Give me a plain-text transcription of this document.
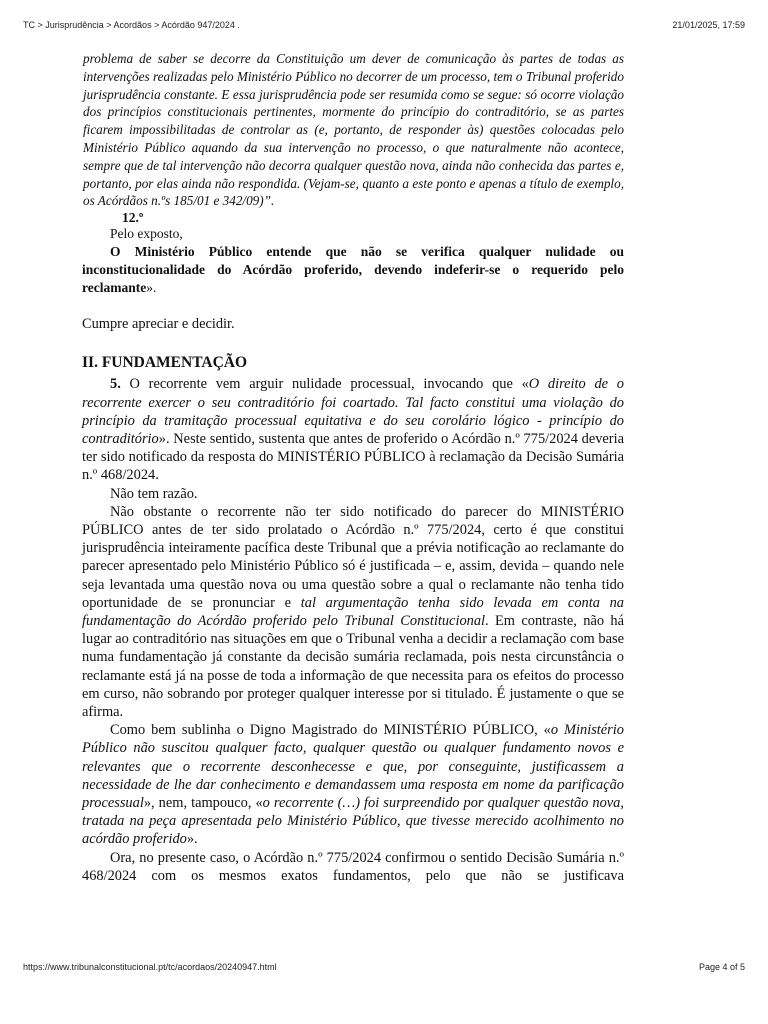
TC > Jurisprudência > Acordãos > Acórdão 947/2024 .	21/01/2025, 17:59

problema de saber se decorre da Constituição um dever de comunicação às partes de todas as intervenções realizadas pelo Ministério Público no decorrer de um processo, tem o Tribunal proferido jurisprudência constante. E essa jurisprudência pode ser resumida como se segue: só ocorre violação dos princípios constitucionais pertinentes, mormente do princípio do contraditório, se as partes ficarem impossibilitadas de controlar as (e, portanto, de responder às) questões colocadas pelo Ministério Público aquando da sua intervenção no processo, o que naturalmente não acontece, sempre que de tal intervenção não decorra qualquer questão nova, ainda não conhecida das partes e, portanto, por elas ainda não respondida. (Vejam-se, quanto a este ponto e apenas a título de exemplo, os Acórdãos n.ºs 185/01 e 342/09)”.

12.º

Pelo exposto,

O Ministério Público entende que não se verifica qualquer nulidade ou inconstitucionalidade do Acórdão proferido, devendo indeferir-se o requerido pelo reclamante».

Cumpre apreciar e decidir.

II. FUNDAMENTAÇÃO

5. O recorrente vem arguir nulidade processual, invocando que «O direito de o recorrente exercer o seu contraditório foi coartado. Tal facto constitui uma violação do princípio da tramitação processual equitativa e do seu corolário lógico - princípio do contraditório». Neste sentido, sustenta que antes de proferido o Acórdão n.º 775/2024 deveria ter sido notificado da resposta do MINISTÉRIO PÚBLICO à reclamação da Decisão Sumária n.º 468/2024.

Não tem razão.

Não obstante o recorrente não ter sido notificado do parecer do MINISTÉRIO PÚBLICO antes de ter sido prolatado o Acórdão n.º 775/2024, certo é que constitui jurisprudência inteiramente pacífica deste Tribunal que a prévia notificação ao reclamante do parecer apresentado pelo Ministério Público só é justificada – e, assim, devida – quando nele seja levantada uma questão nova ou uma questão sobre a qual o reclamante não tenha tido oportunidade de se pronunciar e tal argumentação tenha sido levada em conta na fundamentação do Acórdão proferido pelo Tribunal Constitucional. Em contraste, não há lugar ao contraditório nas situações em que o Tribunal venha a decidir a reclamação com base numa fundamentação já constante da decisão sumária reclamada, pois nesta circunstância o reclamante está já na posse de toda a informação de que necessita para os efeitos do processo em curso, não sobrando por proteger qualquer interesse por si titulado. É justamente o que se afirma.

Como bem sublinha o Digno Magistrado do MINISTÉRIO PÚBLICO, «o Ministério Público não suscitou qualquer facto, qualquer questão ou qualquer fundamento novos e relevantes que o recorrente desconhecesse e que, por conseguinte, justificassem a necessidade de lhe dar conhecimento e demandassem uma resposta em nome da parificação processual», nem, tampouco, «o recorrente (…) foi surpreendido por qualquer questão nova, tratada na peça apresentada pelo Ministério Público, que tivesse merecido acolhimento no acórdão proferido».

Ora, no presente caso, o Acórdão n.º 775/2024 confirmou o sentido Decisão Sumária n.º 468/2024 com os mesmos exatos fundamentos, pelo que não se justificava

https://www.tribunalconstitucional.pt/tc/acordaos/20240947.html	Page 4 of 5
